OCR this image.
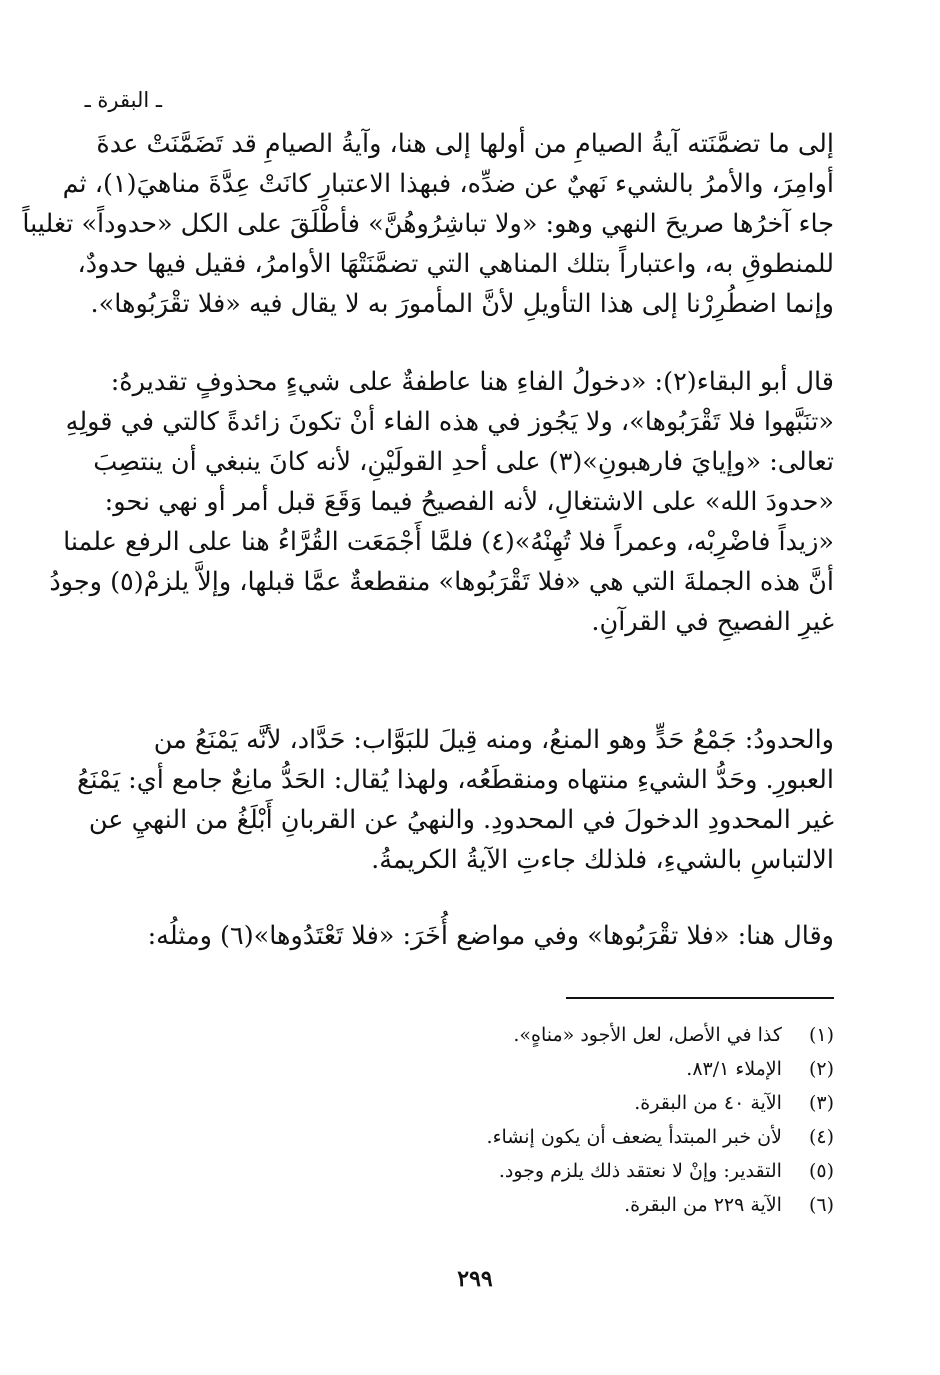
ـ البقرة ـ
إلى ما تضمَّنَته آيةُ الصيامِ من أولها إلى هنا، وآيةُ الصيامِ قد تَضَمَّنَتْ عدةَ
أوامِرَ، والأمرُ بالشيء نَهيٌ عن ضدِّه، فبهذا الاعتبارِ كانَتْ عِدَّةَ مناهيَ(١)، ثم
جاء آخرُها صريحَ النهي وهو: «ولا تباشِرُوهُنَّ» فأطْلَقَ على الكل «حدوداً» تغليباً
للمنطوقِ به، واعتباراً بتلك المناهي التي تضمَّنَتْهَا الأوامرُ، فقيل فيها حدودٌ،
وإنما اضطُرِرْنا إلى هذا التأويلِ لأنَّ المأمورَ به لا يقال فيه «فلا تقْرَبُوها».
قال أبو البقاء(٢): «دخولُ الفاءِ هنا عاطفةٌ على شيءٍ محذوفٍ تقديرهُ:
«تنَبَّهوا فلا تَقْرَبُوها»، ولا يَجُوز في هذه الفاء أنْ تكونَ زائدةً كالتي في قولِهِ
تعالى: «وإيايَ فارهبونِ»(٣) على أحدِ القولَيْنِ، لأنه كانَ ينبغي أن ينتصِبَ
«حدودَ الله» على الاشتغالِ، لأنه الفصيحُ فيما وَقَعَ قبل أمر أو نهي نحو:
«زيداً فاضْرِبْه، وعمراً فلا تُهِنْهُ»(٤) فلمَّا أَجْمَعَت القُرَّاءُ هنا على الرفع علمنا
أنَّ هذه الجملةَ التي هي «فلا تَقْرَبُوها» منقطعةٌ عمَّا قبلها، وإلاَّ يلزمْ(٥) وجودُ
غيرِ الفصيحِ في القرآنِ.
والحدودُ: جَمْعُ حَدٍّ وهو المنعُ، ومنه قِيلَ للبَوَّاب: حَدَّاد، لأنَّه يَمْنَعُ من
العبورِ. وحَدُّ الشيءِ منتهاه ومنقطَعُه، ولهذا يُقال: الحَدُّ مانِعٌ جامع أي: يَمْنَعُ
غير المحدودِ الدخولَ في المحدودِ. والنهيُ عن القربانِ أَبْلَغُ من النهيِ عن
الالتباسِ بالشيءِ، فلذلك جاءتِ الآيةُ الكريمةُ.
وقال هنا: «فلا تقْرَبُوها» وفي مواضع أُخَرَ: «فلا تَعْتَدُوها»(٦) ومثلُه:
(١) كذا في الأصل، لعل الأجود «مناهٍ».
(٢) الإملاء ٨٣/١.
(٣) الآية ٤٠ من البقرة.
(٤) لأن خبر المبتدأ يضعف أن يكون إنشاء.
(٥) التقدير: وإنْ لا نعتقد ذلك يلزم وجود.
(٦) الآية ٢٢٩ من البقرة.
٢٩٩
